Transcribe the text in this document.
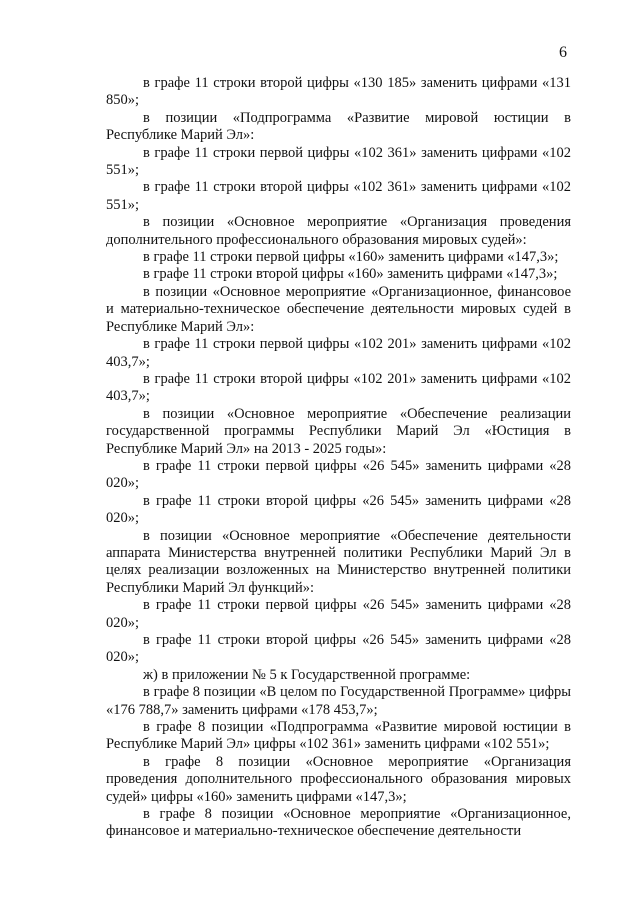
6

в графе 11 строки второй цифры «130 185» заменить цифрами «131 850»;

в позиции «Подпрограмма «Развитие мировой юстиции в Республике Марий Эл»:

в графе 11 строки первой цифры «102 361» заменить цифрами «102 551»;

в графе 11 строки второй цифры «102 361» заменить цифрами «102 551»;

в позиции «Основное мероприятие «Организация проведения дополнительного профессионального образования мировых судей»:

в графе 11 строки первой цифры «160» заменить цифрами «147,3»;

в графе 11 строки второй цифры «160» заменить цифрами «147,3»;

в позиции «Основное мероприятие «Организационное, финансовое и материально-техническое обеспечение деятельности мировых судей в Республике Марий Эл»:

в графе 11 строки первой цифры «102 201» заменить цифрами «102 403,7»;

в графе 11 строки второй цифры «102 201» заменить цифрами «102 403,7»;

в позиции «Основное мероприятие «Обеспечение реализации государственной программы Республики Марий Эл «Юстиция в Республике Марий Эл» на 2013 - 2025 годы»:

в графе 11 строки первой цифры «26 545» заменить цифрами «28 020»;

в графе 11 строки второй цифры «26 545» заменить цифрами «28 020»;

в позиции «Основное мероприятие «Обеспечение деятельности аппарата Министерства внутренней политики Республики Марий Эл в целях реализации возложенных на Министерство внутренней политики Республики Марий Эл функций»:

в графе 11 строки первой цифры «26 545» заменить цифрами «28 020»;

в графе 11 строки второй цифры «26 545» заменить цифрами «28 020»;

ж) в приложении № 5 к Государственной программе:

в графе 8 позиции «В целом по Государственной Программе» цифры «176 788,7» заменить цифрами «178 453,7»;

в графе 8 позиции «Подпрограмма «Развитие мировой юстиции в Республике Марий Эл» цифры «102 361» заменить цифрами «102 551»;

в графе 8 позиции «Основное мероприятие «Организация проведения дополнительного профессионального образования мировых судей» цифры «160» заменить цифрами «147,3»;

в графе 8 позиции «Основное мероприятие «Организационное, финансовое и материально-техническое обеспечение деятельности
